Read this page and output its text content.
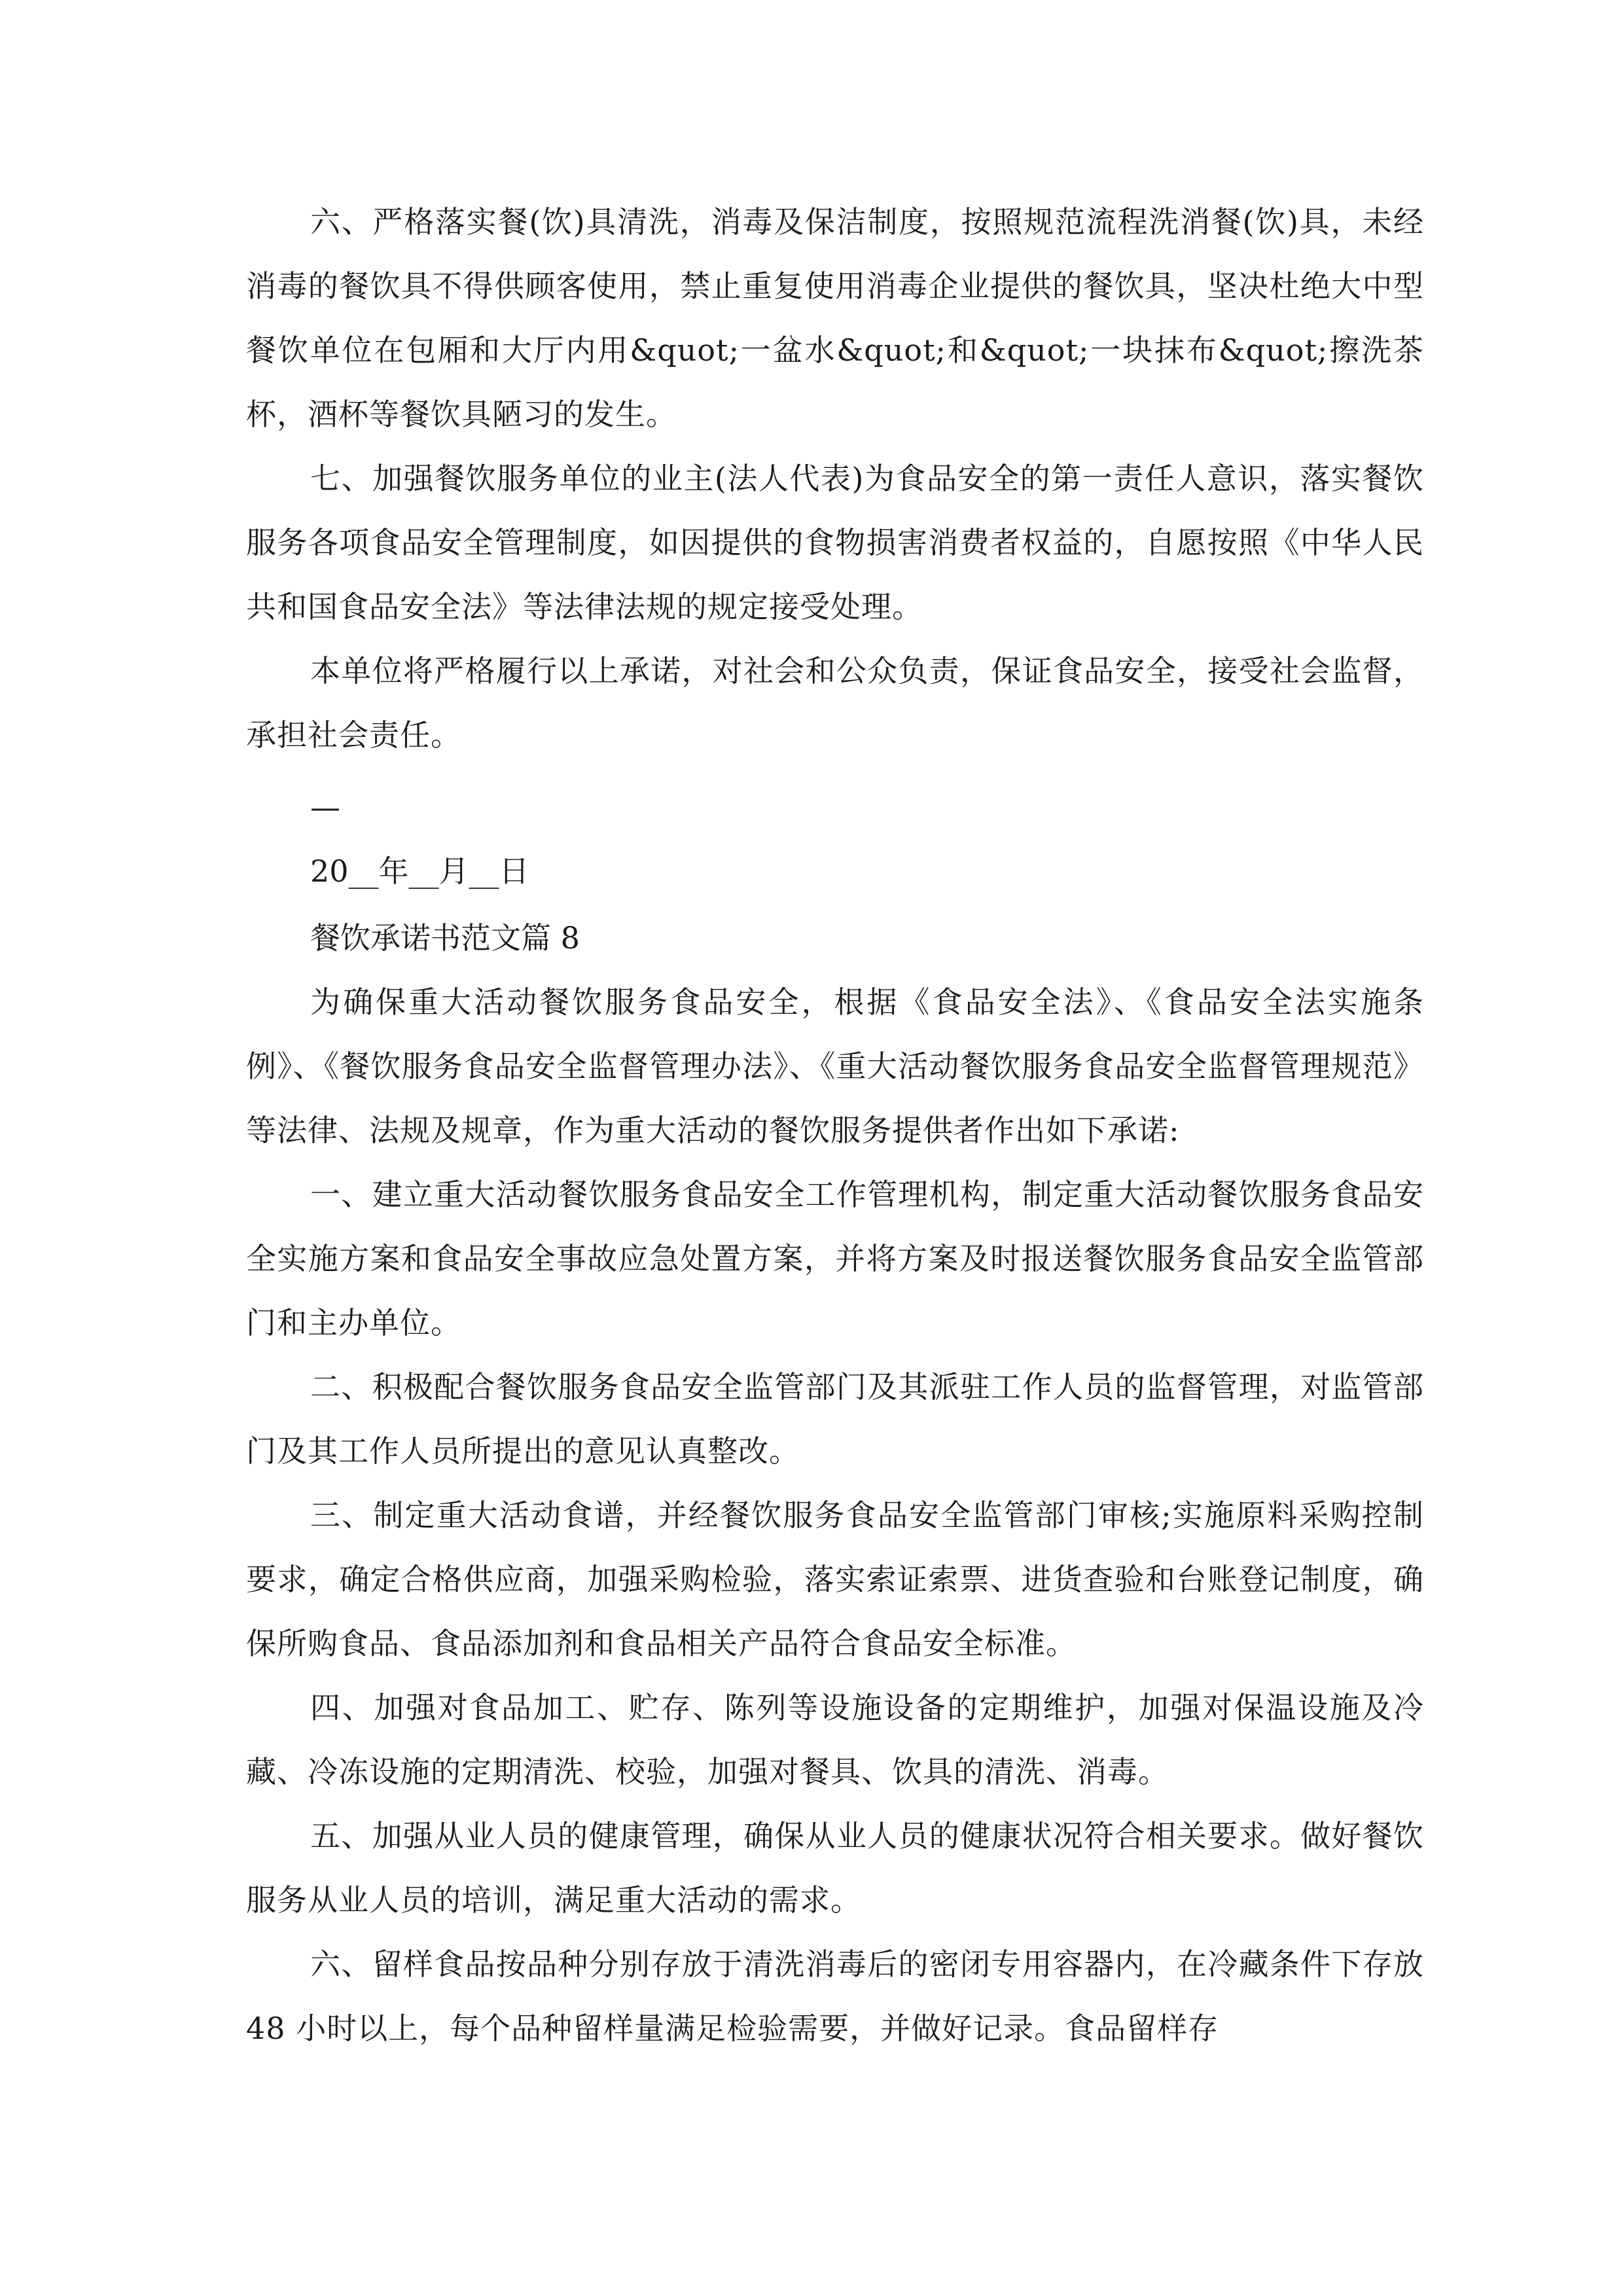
六、严格落实餐(饮)具清洗，消毒及保洁制度，按照规范流程洗消餐(饮)具，未经消毒的餐饮具不得供顾客使用，禁止重复使用消毒企业提供的餐饮具，坚决杜绝大中型餐饮单位在包厢和大厅内用&quot;一盆水&quot;和&quot;一块抹布&quot;擦洗茶杯，酒杯等餐饮具陋习的发生。

七、加强餐饮服务单位的业主(法人代表)为食品安全的第一责任人意识，落实餐饮服务各项食品安全管理制度，如因提供的食物损害消费者权益的，自愿按照《中华人民共和国食品安全法》等法律法规的规定接受处理。

本单位将严格履行以上承诺，对社会和公众负责，保证食品安全，接受社会监督，承担社会责任。

—

20__年__月__日

餐饮承诺书范文篇 8

为确保重大活动餐饮服务食品安全，根据《食品安全法》、《食品安全法实施条例》、《餐饮服务食品安全监督管理办法》、《重大活动餐饮服务食品安全监督管理规范》等法律、法规及规章，作为重大活动的餐饮服务提供者作出如下承诺:

一、建立重大活动餐饮服务食品安全工作管理机构，制定重大活动餐饮服务食品安全实施方案和食品安全事故应急处置方案，并将方案及时报送餐饮服务食品安全监管部门和主办单位。

二、积极配合餐饮服务食品安全监管部门及其派驻工作人员的监督管理，对监管部门及其工作人员所提出的意见认真整改。

三、制定重大活动食谱，并经餐饮服务食品安全监管部门审核;实施原料采购控制要求，确定合格供应商，加强采购检验，落实索证索票、进货查验和台账登记制度，确保所购食品、食品添加剂和食品相关产品符合食品安全标准。

四、加强对食品加工、贮存、陈列等设施设备的定期维护，加强对保温设施及冷藏、冷冻设施的定期清洗、校验，加强对餐具、饮具的清洗、消毒。

五、加强从业人员的健康管理，确保从业人员的健康状况符合相关要求。做好餐饮服务从业人员的培训，满足重大活动的需求。

六、留样食品按品种分别存放于清洗消毒后的密闭专用容器内，在冷藏条件下存放 48 小时以上，每个品种留样量满足检验需要，并做好记录。食品留样存
